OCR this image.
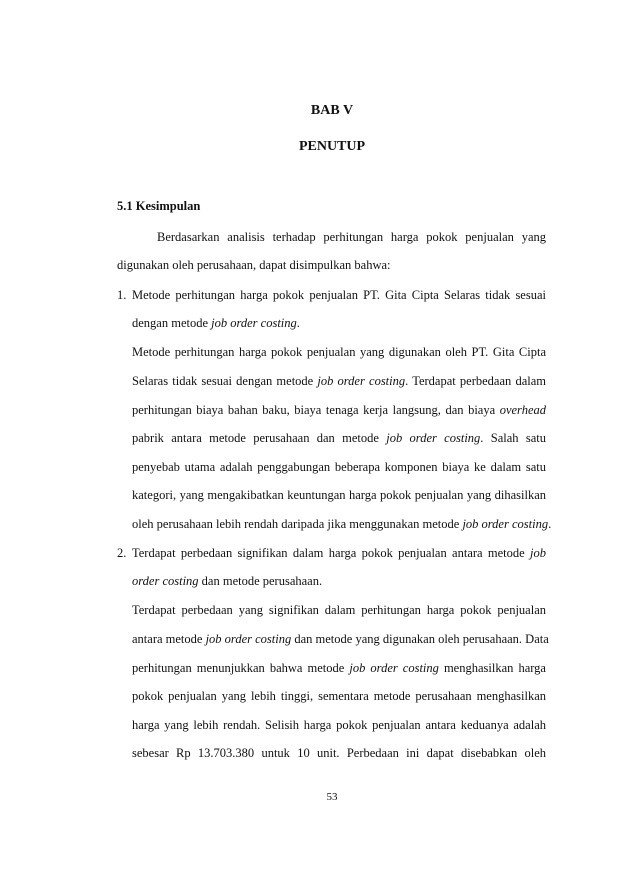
BAB V
PENUTUP
5.1 Kesimpulan
Berdasarkan analisis terhadap perhitungan harga pokok penjualan yang
digunakan oleh perusahaan, dapat disimpulkan bahwa:
1. Metode perhitungan harga pokok penjualan PT. Gita Cipta Selaras tidak sesuai
dengan metode job order costing.
Metode perhitungan harga pokok penjualan yang digunakan oleh PT. Gita Cipta
Selaras tidak sesuai dengan metode job order costing. Terdapat perbedaan dalam
perhitungan biaya bahan baku, biaya tenaga kerja langsung, dan biaya overhead
pabrik antara metode perusahaan dan metode job order costing. Salah satu
penyebab utama adalah penggabungan beberapa komponen biaya ke dalam satu
kategori, yang mengakibatkan keuntungan harga pokok penjualan yang dihasilkan
oleh perusahaan lebih rendah daripada jika menggunakan metode job order costing.
2. Terdapat perbedaan signifikan dalam harga pokok penjualan antara metode job
order costing dan metode perusahaan.
Terdapat perbedaan yang signifikan dalam perhitungan harga pokok penjualan
antara metode job order costing dan metode yang digunakan oleh perusahaan. Data
perhitungan menunjukkan bahwa metode job order costing menghasilkan harga
pokok penjualan yang lebih tinggi, sementara metode perusahaan menghasilkan
harga yang lebih rendah. Selisih harga pokok penjualan antara keduanya adalah
sebesar Rp 13.703.380 untuk 10 unit. Perbedaan ini dapat disebabkan oleh
53
